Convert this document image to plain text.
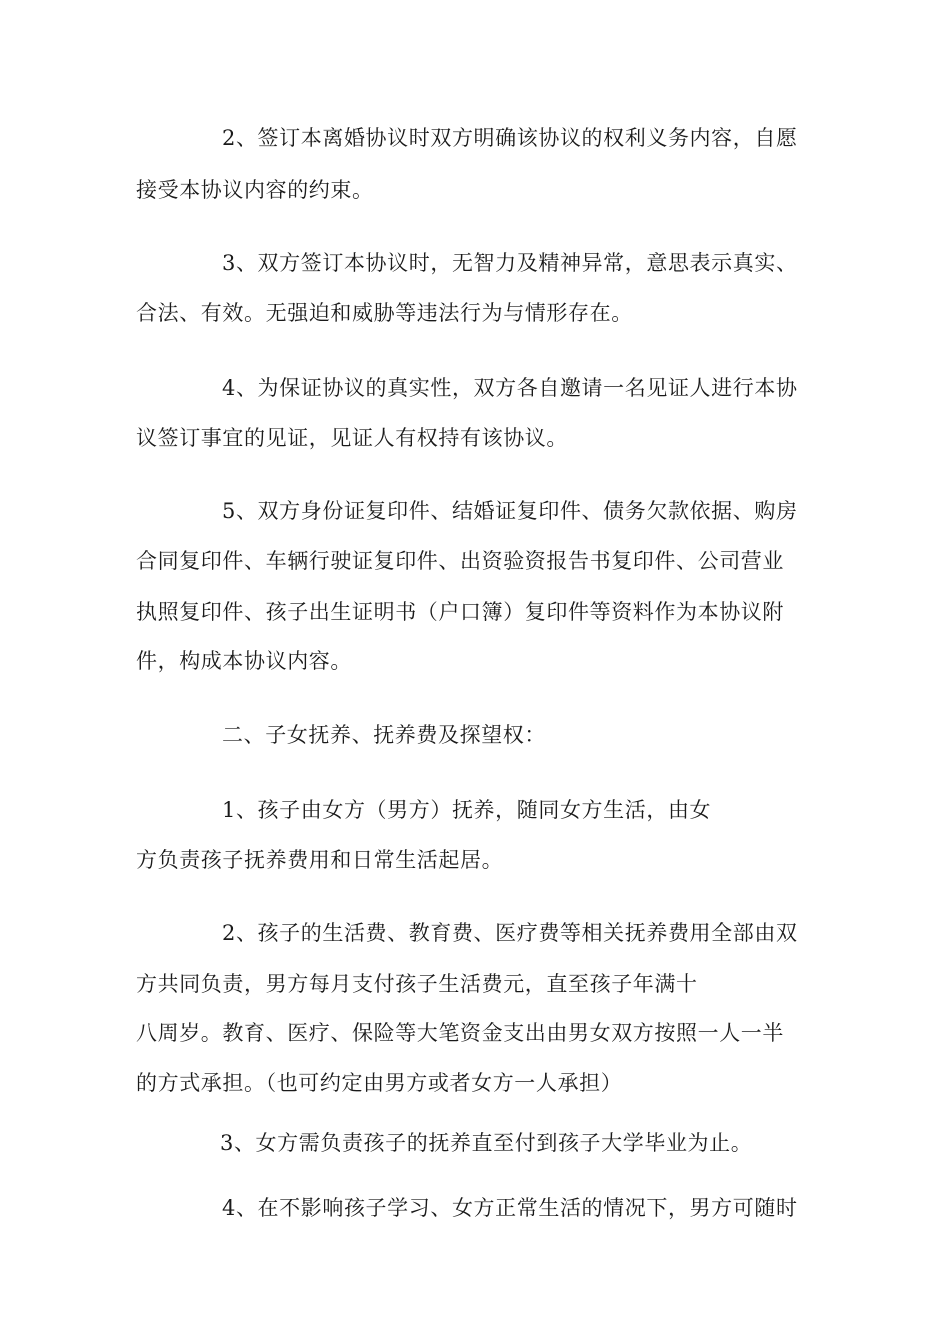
2、签订本离婚协议时双方明确该协议的权利义务内容，自愿
接受本协议内容的约束。
3、双方签订本协议时，无智力及精神异常，意思表示真实、
合法、有效。无强迫和威胁等违法行为与情形存在。
4、为保证协议的真实性，双方各自邀请一名见证人进行本协
议签订事宜的见证，见证人有权持有该协议。
5、双方身份证复印件、结婚证复印件、债务欠款依据、购房
合同复印件、车辆行驶证复印件、出资验资报告书复印件、公司营业
执照复印件、孩子出生证明书（户口簿）复印件等资料作为本协议附
件，构成本协议内容。
二、子女抚养、抚养费及探望权：
1、孩子由女方（男方）抚养，随同女方生活，由女
方负责孩子抚养费用和日常生活起居。
2、孩子的生活费、教育费、医疗费等相关抚养费用全部由双
方共同负责，男方每月支付孩子生活费元，直至孩子年满十
八周岁。教育、医疗、保险等大笔资金支出由男女双方按照一人一半
的方式承担。（也可约定由男方或者女方一人承担）
3、女方需负责孩子的抚养直至付到孩子大学毕业为止。
4、在不影响孩子学习、女方正常生活的情况下，男方可随时
